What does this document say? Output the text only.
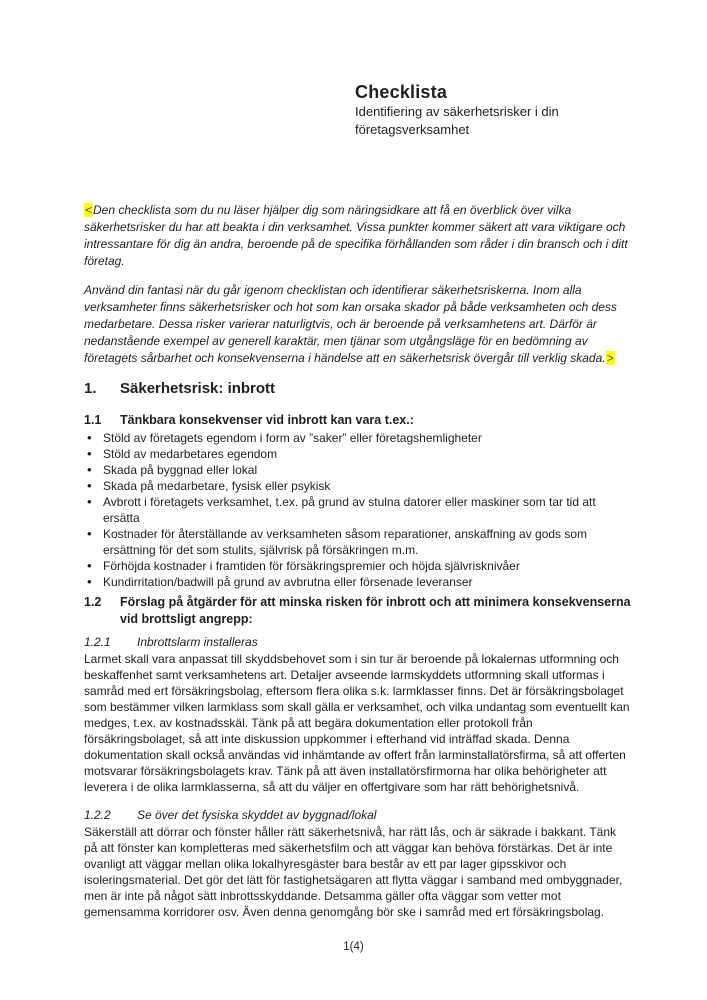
Checklista
Identifiering av säkerhetsrisker i din företagsverksamhet

<Den checklista som du nu läser hjälper dig som näringsidkare att få en överblick över vilka säkerhetsrisker du har att beakta i din verksamhet. Vissa punkter kommer säkert att vara viktigare och intressantare för dig än andra, beroende på de specifika förhållanden som råder i din bransch och i ditt företag.

Använd din fantasi när du går igenom checklistan och identifierar säkerhetsriskerna. Inom alla verksamheter finns säkerhetsrisker och hot som kan orsaka skador på både verksamheten och dess medarbetare. Dessa risker varierar naturligtvis, och är beroende på verksamhetens art. Därför är nedanstående exempel av generell karaktär, men tjänar som utgångsläge för en bedömning av företagets sårbarhet och konsekvenserna i händelse att en säkerhetsrisk övergår till verklig skada.>

1.	Säkerhetsrisk: inbrott
1.1	Tänkbara konsekvenser vid inbrott kan vara t.ex.:
• Stöld av företagets egendom i form av ”saker” eller företagshemligheter
• Stöld av medarbetares egendom
• Skada på byggnad eller lokal
• Skada på medarbetare, fysisk eller psykisk
• Avbrott i företagets verksamhet, t.ex. på grund av stulna datorer eller maskiner som tar tid att ersätta
• Kostnader för återställande av verksamheten såsom reparationer, anskaffning av gods som ersättning för det som stulits, självrisk på försäkringen m.m.
• Förhöjda kostnader i framtiden för försäkringspremier och höjda självrisknivåer
• Kundirritation/badwill på grund av avbrutna eller försenade leveranser
1.2	Förslag på åtgärder för att minska risken för inbrott och att minimera konsekvenserna vid brottsligt angrepp:
1.2.1	Inbrottslarm installeras

Larmet skall vara anpassat till skyddsbehovet som i sin tur är beroende på lokalernas utformning och beskaffenhet samt verksamhetens art. Detaljer avseende larmskyddets utformning skall utformas i samråd med ert försäkringsbolag, eftersom flera olika s.k. larmklasser finns. Det är försäkringsbolaget som bestämmer vilken larmklass som skall gälla er verksamhet, och vilka undantag som eventuellt kan medges, t.ex. av kostnadsskäl. Tänk på att begära dokumentation eller protokoll från försäkringsbolaget, så att inte diskussion uppkommer i efterhand vid inträffad skada. Denna dokumentation skall också användas vid inhämtande av offert från larminstallatörsfirma, så att offerten motsvarar försäkringsbolagets krav. Tänk på att även installatörsfirmorna har olika behörigheter att leverera i de olika larmklasserna, så att du väljer en offertgivare som har rätt behörighetsnivå.

1.2.2	Se över det fysiska skyddet av byggnad/lokal

Säkerställ att dörrar och fönster håller rätt säkerhetsnivå, har rätt lås, och är säkrade i bakkant. Tänk på att fönster kan kompletteras med säkerhetsfilm och att väggar kan behöva förstärkas. Det är inte ovanligt att väggar mellan olika lokalhyresgäster bara består av ett par lager gipsskivor och isoleringsmaterial. Det gör det lätt för fastighetsägaren att flytta väggar i samband med ombyggnader, men är inte på något sätt inbrottsskyddande. Detsamma gäller ofta väggar som vetter mot gemensamma korridorer osv. Även denna genomgång bör ske i samråd med ert försäkringsbolag.

1(4)
